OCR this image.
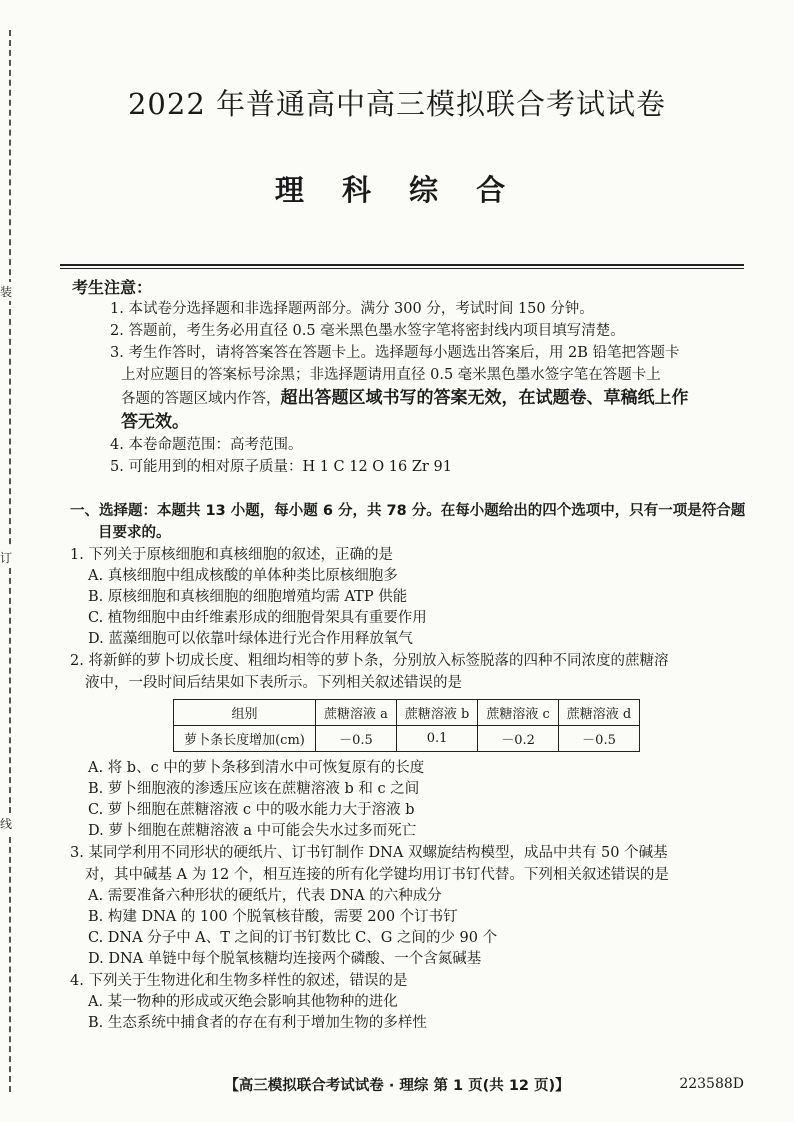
装
订
线
2022 年普通高中高三模拟联合考试试卷
理 科 综 合
考生注意：
1. 本试卷分选择题和非选择题两部分。满分 300 分，考试时间 150 分钟。
2. 答题前，考生务必用直径 0.5 毫米黑色墨水签字笔将密封线内项目填写清楚。
3. 考生作答时，请将答案答在答题卡上。选择题每小题选出答案后，用 2B 铅笔把答题卡
上对应题目的答案标号涂黑；非选择题请用直径 0.5 毫米黑色墨水签字笔在答题卡上
各题的答题区域内作答，超出答题区域书写的答案无效，在试题卷、草稿纸上作
答无效。
4. 本卷命题范围：高考范围。
5. 可能用到的相对原子质量：H 1 C 12 O 16 Zr 91
一、选择题：本题共 13 小题，每小题 6 分，共 78 分。在每小题给出的四个选项中，只有一项是符合题
目要求的。
1. 下列关于原核细胞和真核细胞的叙述，正确的是
A. 真核细胞中组成核酸的单体种类比原核细胞多
B. 原核细胞和真核细胞的细胞增殖均需 ATP 供能
C. 植物细胞中由纤维素形成的细胞骨架具有重要作用
D. 蓝藻细胞可以依靠叶绿体进行光合作用释放氧气
2. 将新鲜的萝卜切成长度、粗细均相等的萝卜条，分别放入标签脱落的四种不同浓度的蔗糖溶
液中，一段时间后结果如下表所示。下列相关叙述错误的是
组别	蔗糖溶液 a	蔗糖溶液 b	蔗糖溶液 c	蔗糖溶液 d
萝卜条长度增加(cm)	－0.5	0.1	－0.2	－0.5
A. 将 b、c 中的萝卜条移到清水中可恢复原有的长度
B. 萝卜细胞液的渗透压应该在蔗糖溶液 b 和 c 之间
C. 萝卜细胞在蔗糖溶液 c 中的吸水能力大于溶液 b
D. 萝卜细胞在蔗糖溶液 a 中可能会失水过多而死亡
3. 某同学利用不同形状的硬纸片、订书钉制作 DNA 双螺旋结构模型，成品中共有 50 个碱基
对，其中碱基 A 为 12 个，相互连接的所有化学键均用订书钉代替。下列相关叙述错误的是
A. 需要准备六种形状的硬纸片，代表 DNA 的六种成分
B. 构建 DNA 的 100 个脱氧核苷酸，需要 200 个订书钉
C. DNA 分子中 A、T 之间的订书钉数比 C、G 之间的少 90 个
D. DNA 单链中每个脱氧核糖均连接两个磷酸、一个含氮碱基
4. 下列关于生物进化和生物多样性的叙述，错误的是
A. 某一物种的形成或灭绝会影响其他物种的进化
B. 生态系统中捕食者的存在有利于增加生物的多样性
【高三模拟联合考试试卷 · 理综 第 1 页(共 12 页)】	223588D
